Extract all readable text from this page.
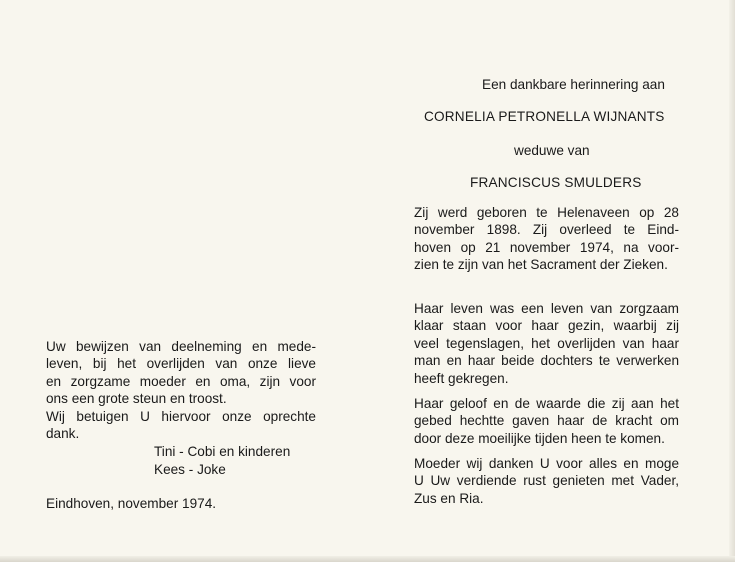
Uw bewijzen van deelneming en mede-
leven, bij het overlijden van onze lieve
en zorgzame moeder en oma, zijn voor
ons een grote steun en troost.
Wij betuigen U hiervoor onze oprechte
dank.
Tini - Cobi en kinderen
Kees - Joke
Eindhoven, november 1974.
Een dankbare herinnering aan
CORNELIA PETRONELLA WIJNANTS
weduwe van
FRANCISCUS SMULDERS
Zij werd geboren te Helenaveen op 28
november 1898. Zij overleed te Eind-
hoven op 21 november 1974, na voor-
zien te zijn van het Sacrament der Zieken.
Haar leven was een leven van zorgzaam
klaar staan voor haar gezin, waarbij zij
veel tegenslagen, het overlijden van haar
man en haar beide dochters te verwerken
heeft gekregen.
Haar geloof en de waarde die zij aan het
gebed hechtte gaven haar de kracht om
door deze moeilijke tijden heen te komen.
Moeder wij danken U voor alles en moge
U Uw verdiende rust genieten met Vader,
Zus en Ria.
